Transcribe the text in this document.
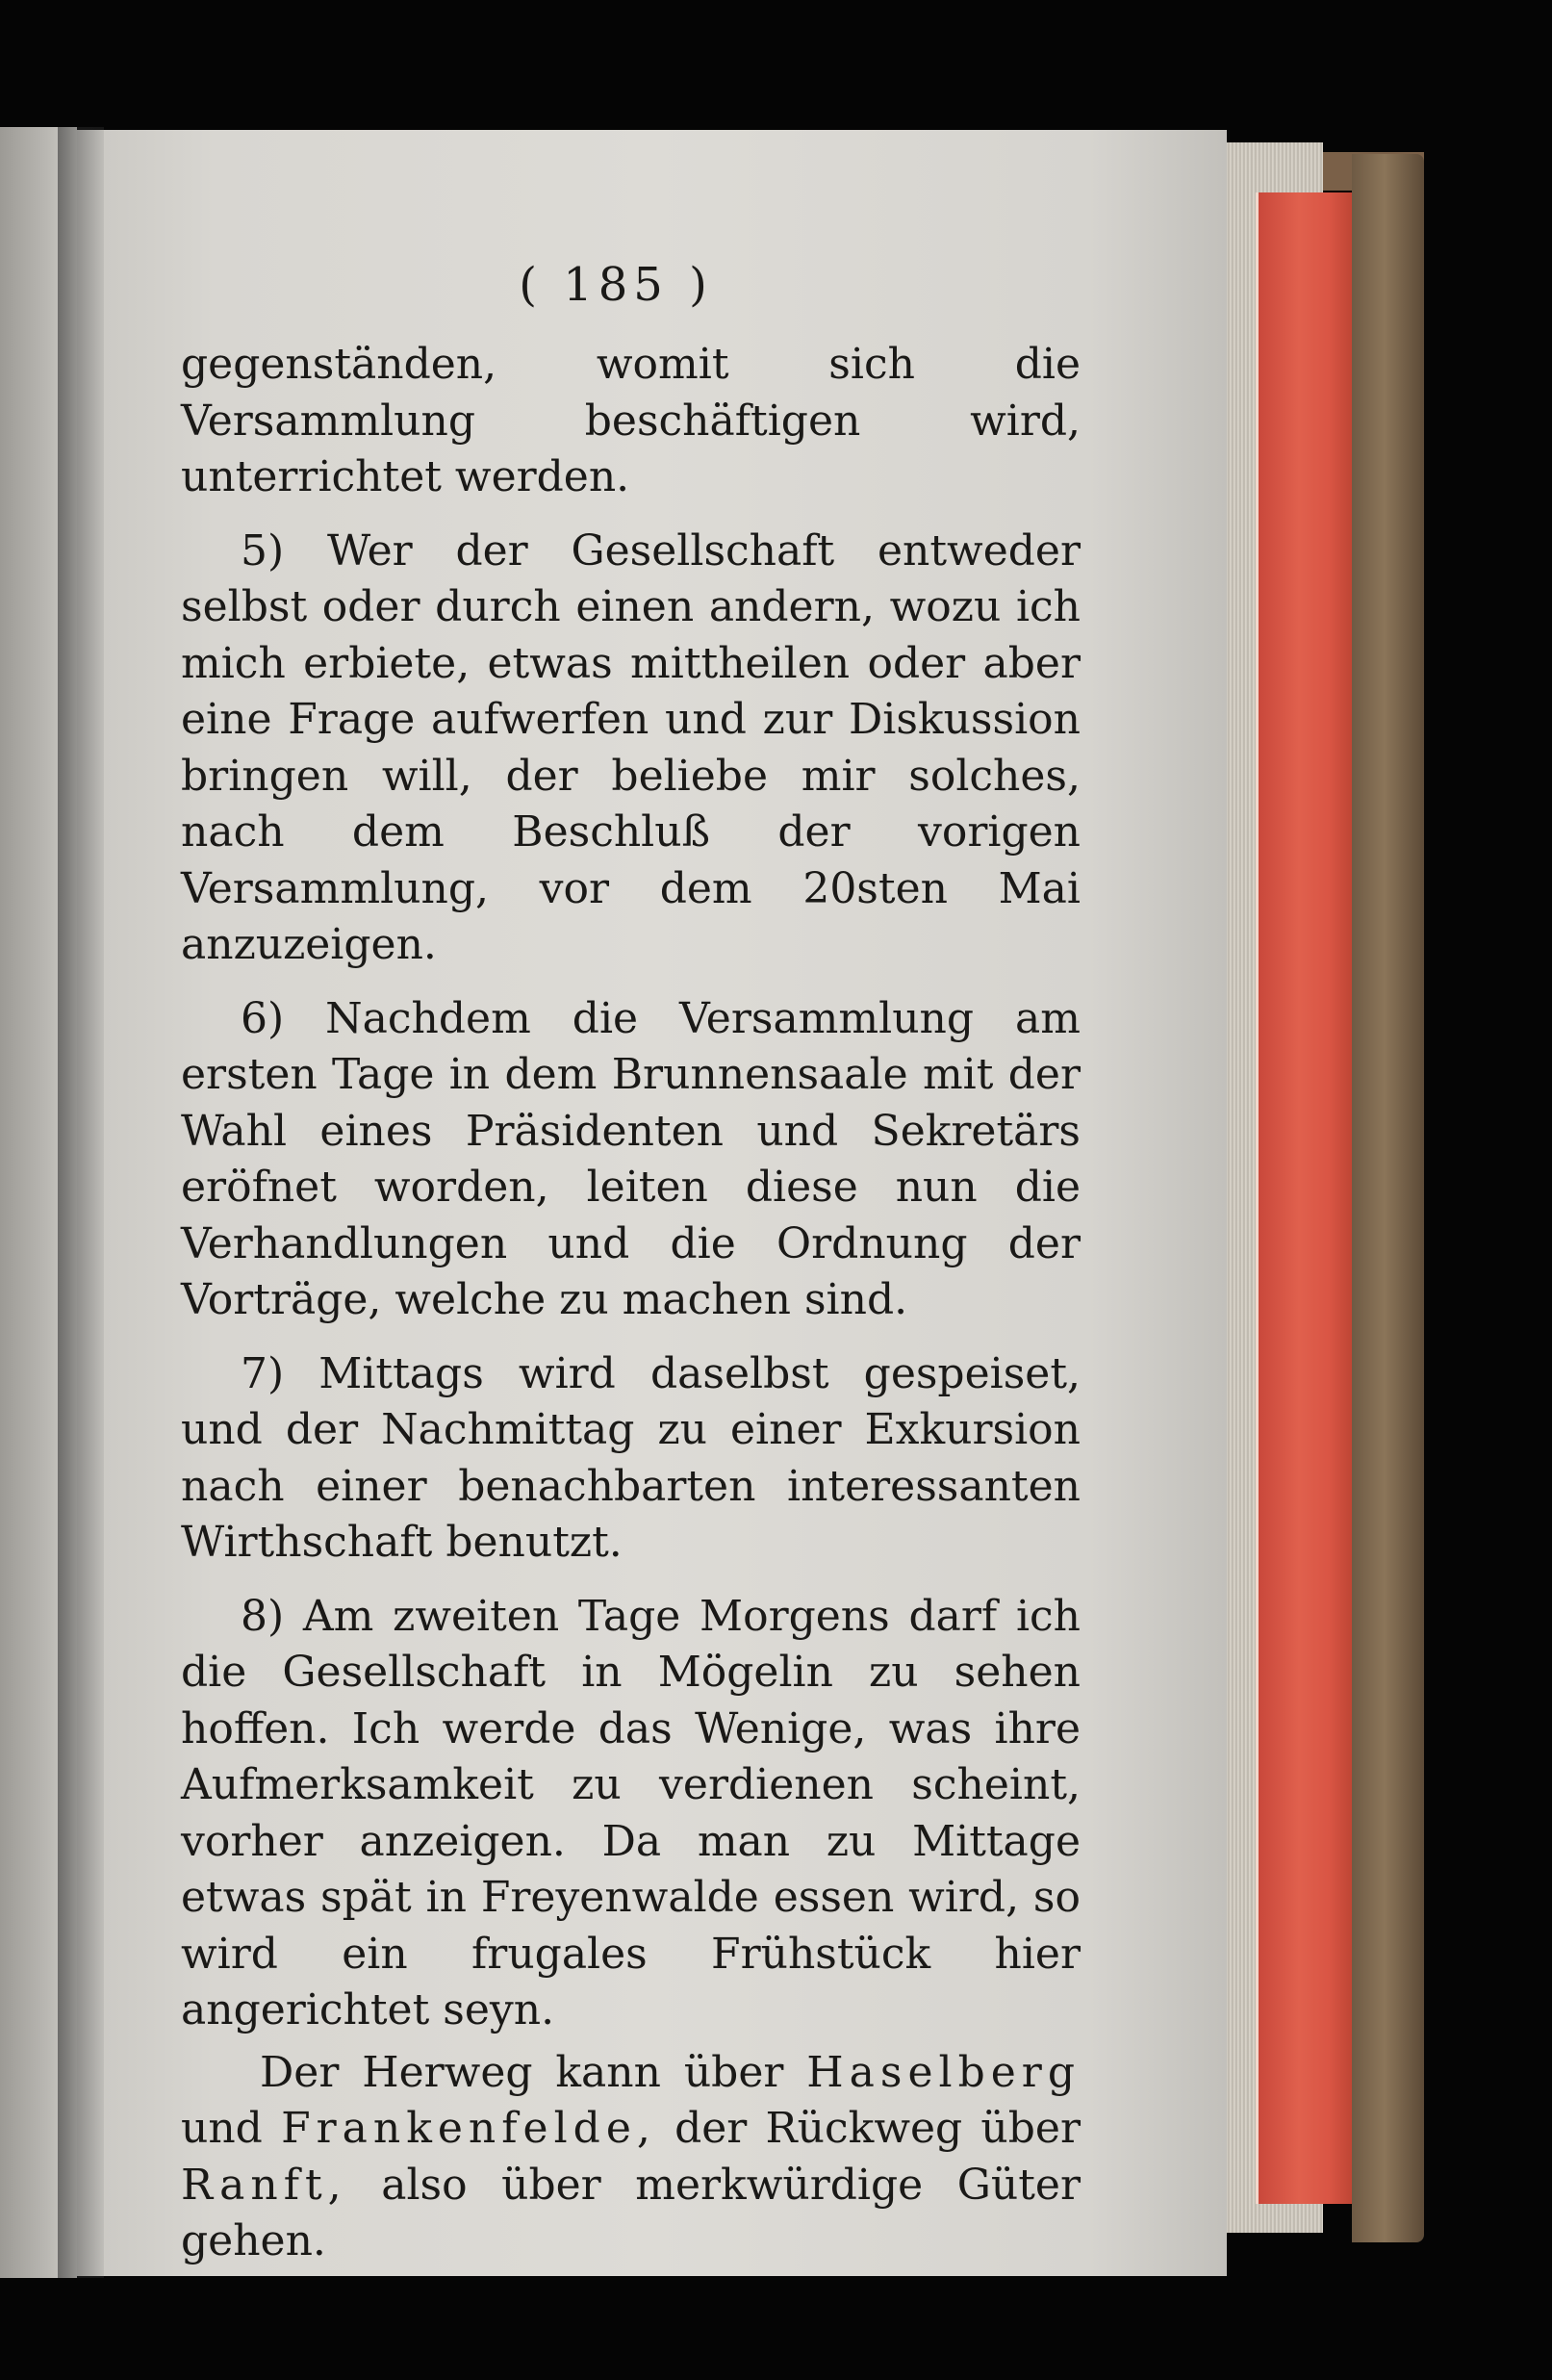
( 185 )

gegenständen, womit sich die Versammlung beschäftigen wird, unterrichtet werden.

5) Wer der Gesellschaft entweder selbst oder durch einen andern, wozu ich mich erbiete, etwas mittheilen oder aber eine Frage aufwerfen und zur Diskussion bringen will, der beliebe mir solches, nach dem Beschluß der vorigen Versammlung, vor dem 20sten Mai anzuzeigen.

6) Nachdem die Versammlung am ersten Tage in dem Brunnensaale mit der Wahl eines Präsidenten und Sekretärs eröfnet worden, leiten diese nun die Verhandlungen und die Ordnung der Vorträge, welche zu machen sind.

7) Mittags wird daselbst gespeiset, und der Nachmittag zu einer Exkursion nach einer benachbarten interessanten Wirthschaft benutzt.

8) Am zweiten Tage Morgens darf ich die Gesellschaft in Mögelin zu sehen hoffen. Ich werde das Wenige, was ihre Aufmerksamkeit zu verdienen scheint, vorher anzeigen. Da man zu Mittage etwas spät in Freyenwalde essen wird, so wird ein frugales Frühstück hier angerichtet seyn.

Der Herweg kann über Haselberg und Frankenfelde, der Rückweg über Ranft, also über merkwürdige Güter gehen.
